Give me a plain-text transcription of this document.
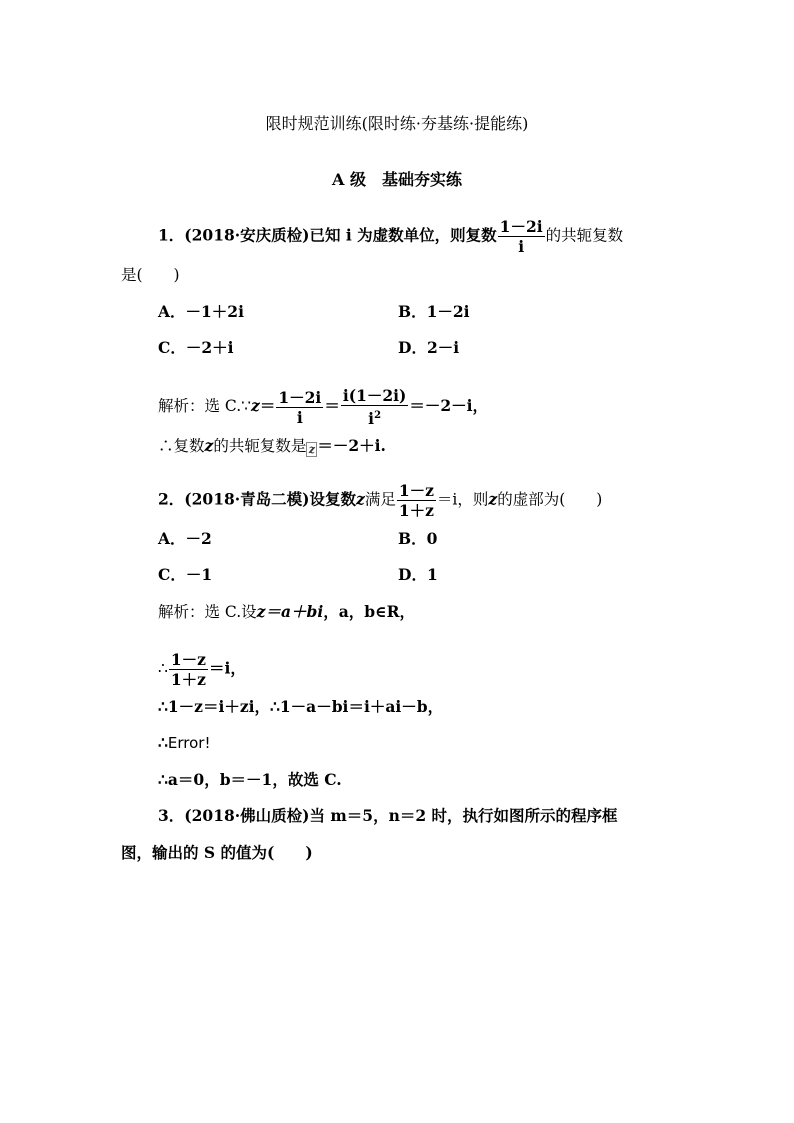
限时规范训练(限时练·夯基练·提能练)
A 级　基础夯实练
1．(2018·安庆质检)已知 i 为虚数单位，则复数 $\frac{1-2i}{i}$ 的共轭复数
是(　　)
A．－1＋2i	B．1－2i
C．－2＋i	D．2－i
解析：选 C.∵z＝ $\frac{1-2i}{i} = \frac{i(1-2i)}{i^2} =-2-i$，
∴复数z的共轭复数是 z ＝－2＋i.
2．(2018·青岛二模)设复数z满足 $\frac{1-z}{1+z} =i$，则z的虚部为(　　)
A．－2	B．0
C．－1	D．1
解析：选 C.设z＝a＋bi，a，b∈R，
∴ $\frac{1-z}{1+z} =i$，
∴1－z＝i＋zi，∴1－a－bi＝i＋ai－b，
∴Error!
∴a＝0，b＝－1，故选 C.
3．(2018·佛山质检)当 m＝5，n＝2 时，执行如图所示的程序框
图，输出的 S 的值为(　　)
